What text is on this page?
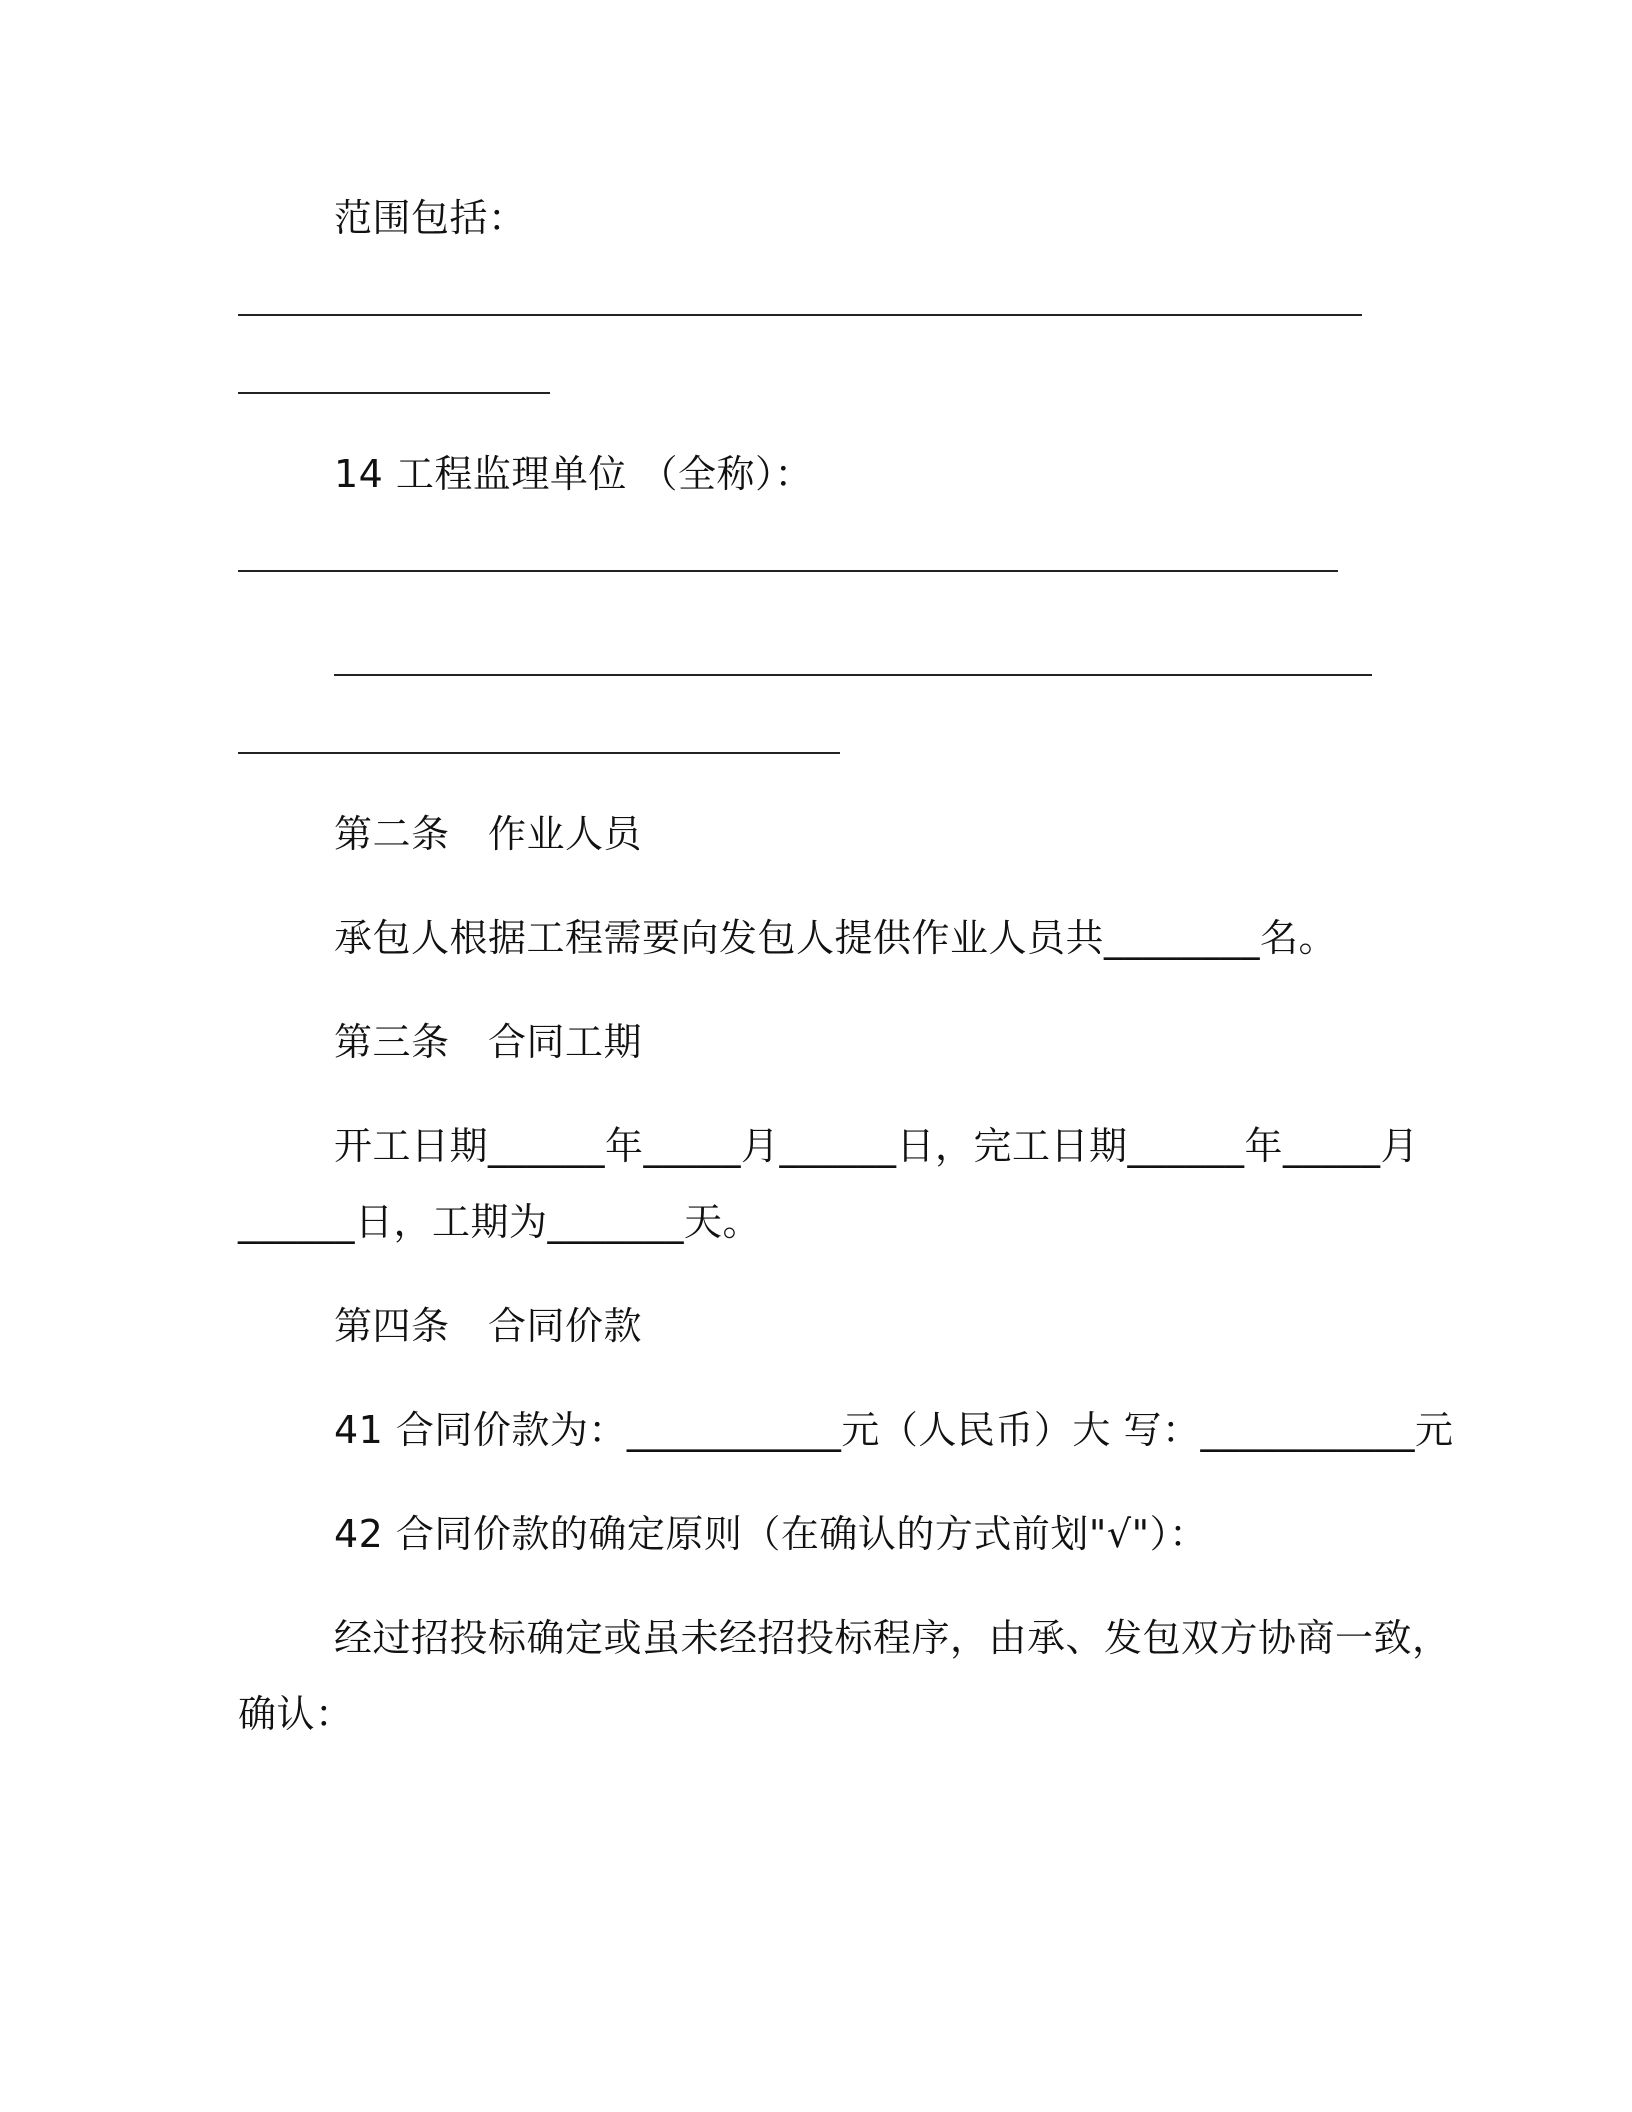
范围包括：
14 工程监理单位 （全称）：
第二条　作业人员
承包人根据工程需要向发包人提供作业人员共________名。
第三条　合同工期
开工日期______年_____月______日，完工日期______年_____月
______日，工期为_______天。
第四条　合同价款
41 合同价款为：___________元（人民币）大 写：___________元
42 合同价款的确定原则（在确认的方式前划"√"）：
经过招投标确定或虽未经招投标程序，由承、发包双方协商一致，
确认：
